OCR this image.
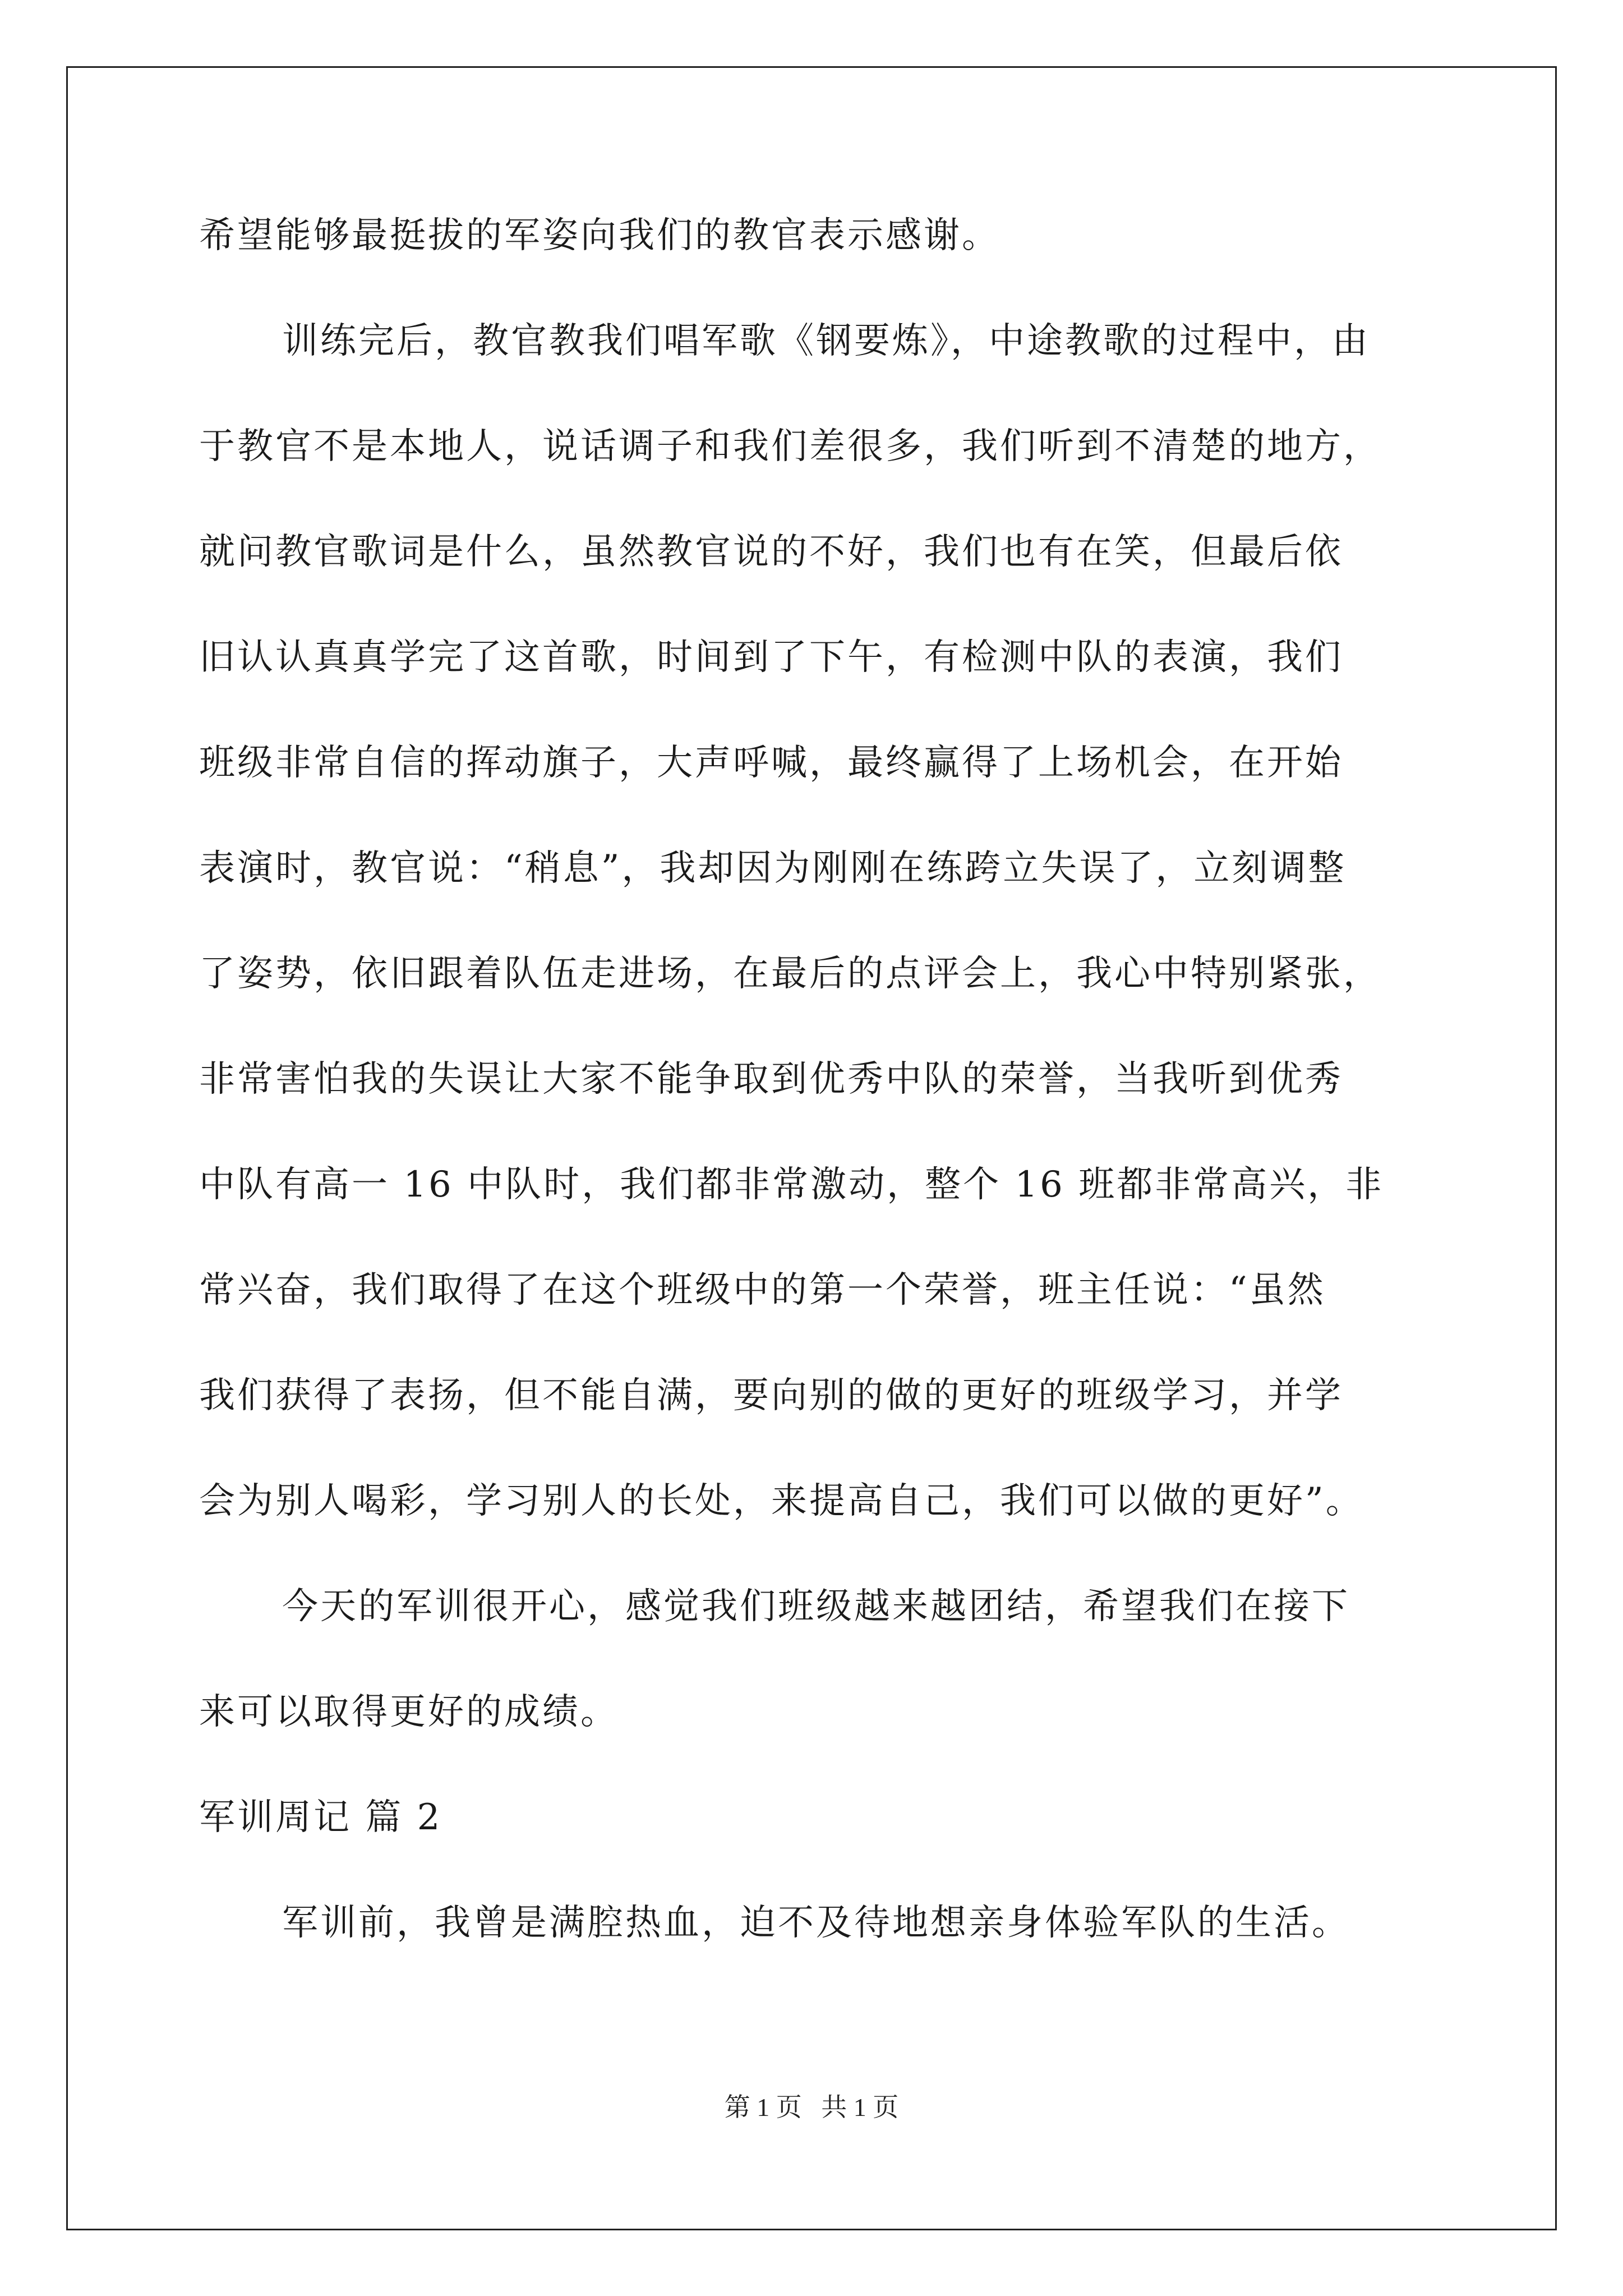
希望能够最挺拔的军姿向我们的教官表示感谢。
训练完后，教官教我们唱军歌《钢要炼》，中途教歌的过程中，由
于教官不是本地人，说话调子和我们差很多，我们听到不清楚的地方，
就问教官歌词是什么，虽然教官说的不好，我们也有在笑，但最后依
旧认认真真学完了这首歌，时间到了下午，有检测中队的表演，我们
班级非常自信的挥动旗子，大声呼喊，最终赢得了上场机会，在开始
表演时，教官说：“稍息”，我却因为刚刚在练跨立失误了，立刻调整
了姿势，依旧跟着队伍走进场，在最后的点评会上，我心中特别紧张，
非常害怕我的失误让大家不能争取到优秀中队的荣誉，当我听到优秀
中队有高一 16 中队时，我们都非常激动，整个 16 班都非常高兴，非
常兴奋，我们取得了在这个班级中的第一个荣誉，班主任说：“虽然
我们获得了表扬，但不能自满，要向别的做的更好的班级学习，并学
会为别人喝彩，学习别人的长处，来提高自己，我们可以做的更好”。
今天的军训很开心，感觉我们班级越来越团结，希望我们在接下
来可以取得更好的成绩。
军训周记 篇 2
军训前，我曾是满腔热血，迫不及待地想亲身体验军队的生活。
第 1 页   共 1 页
